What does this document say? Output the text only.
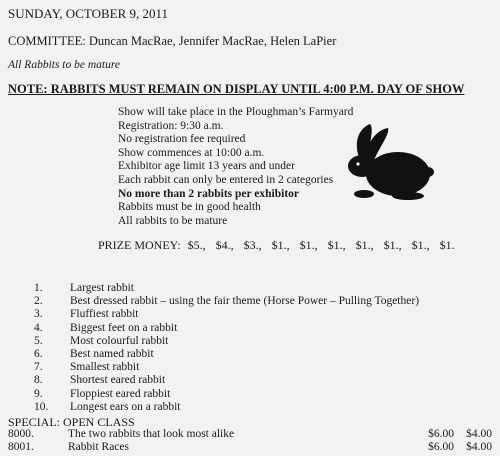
SUNDAY, OCTOBER 9, 2011
COMMITTEE: Duncan MacRae, Jennifer MacRae, Helen LaPier
All Rabbits to be mature
NOTE: RABBITS MUST REMAIN ON DISPLAY UNTIL 4:00 P.M. DAY OF SHOW
Show will take place in the Ploughman’s Farmyard
Registration: 9:30 a.m.
No registration fee required
Show commences at 10:00 a.m.
Exhibitor age limit 13 years and under
Each rabbit can only be entered in 2 categories
No more than 2 rabbits per exhibitor
Rabbits must be in good health
All rabbits to be mature
PRIZE MONEY: $5., $4., $3., $1., $1., $1., $1., $1., $1., $1.
1.	Largest rabbit
2.	Best dressed rabbit – using the fair theme (Horse Power – Pulling Together)
3.	Fluffiest rabbit
4.	Biggest feet on a rabbit
5.	Most colourful rabbit
6.	Best named rabbit
7.	Smallest rabbit
8.	Shortest eared rabbit
9.	Floppiest eared rabbit
10.	Longest ears on a rabbit
SPECIAL: OPEN CLASS
8000.	The two rabbits that look most alike	$6.00	$4.00
8001.	Rabbit Races	$6.00	$4.00
